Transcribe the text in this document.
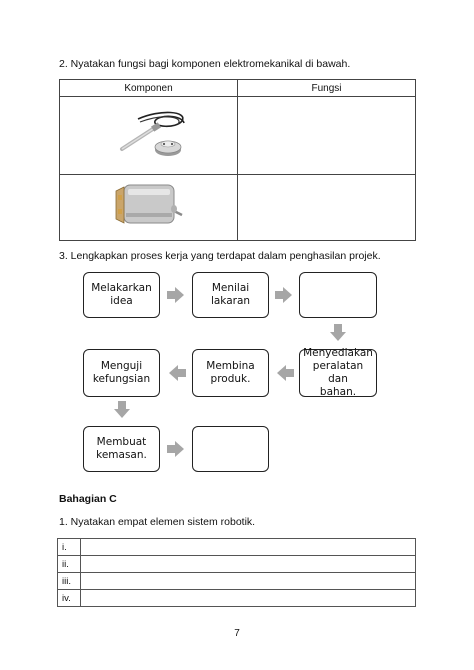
2. Nyatakan fungsi bagi komponen elektromekanikal di bawah.
Komponen	Fungsi

3. Lengkapkan proses kerja yang terdapat dalam penghasilan projek.
Melakarkan
idea
Menilai
lakaran
Menyediakan
peralatan dan
bahan.
Membina
produk.
Menguji
kefungsian
Membuat
kemasan.
Bahagian C
1. Nyatakan empat elemen sistem robotik.
i.	
ii.	
iii.	
iv.	
7
